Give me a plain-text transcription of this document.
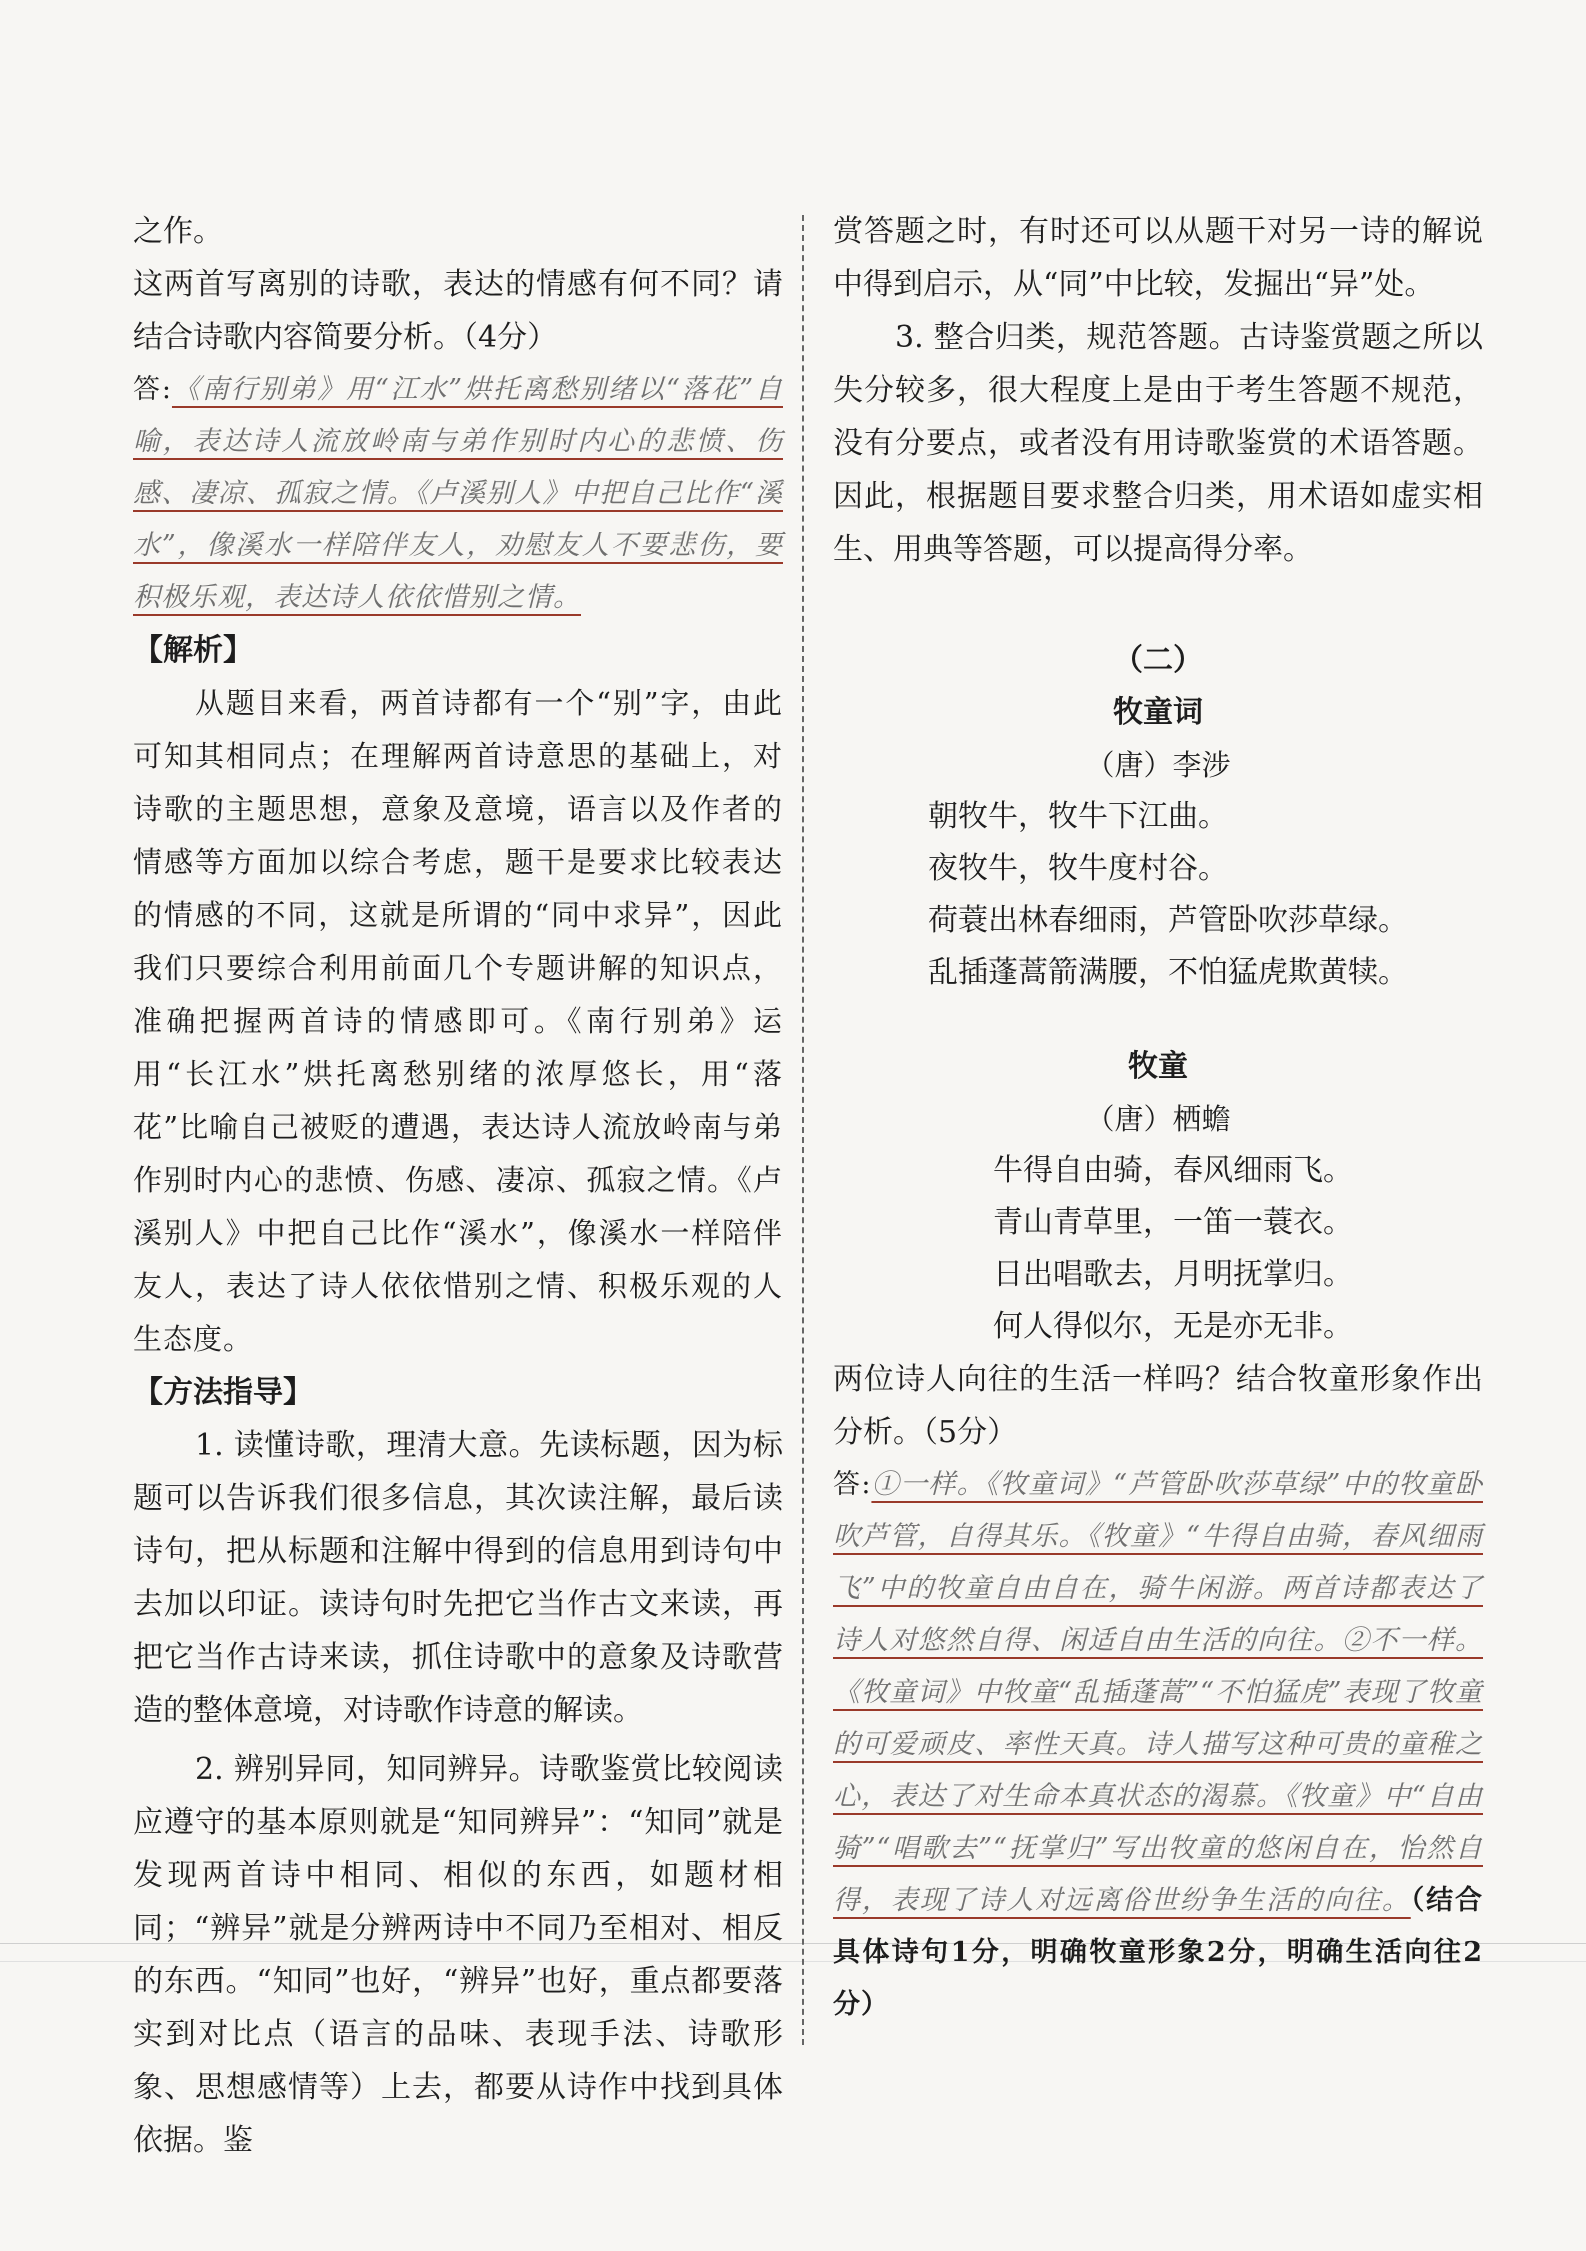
之作。

这两首写离别的诗歌，表达的情感有何不同？请结合诗歌内容简要分析。（4分）

答:《南行别弟》用“江水”烘托离愁别绪以“落花”自喻，表达诗人流放岭南与弟作别时内心的悲愤、伤感、凄凉、孤寂之情。《卢溪别人》中把自己比作“溪水”，像溪水一样陪伴友人，劝慰友人不要悲伤，要积极乐观，表达诗人依依惜别之情。

【解析】

从题目来看，两首诗都有一个“别”字，由此可知其相同点；在理解两首诗意思的基础上，对诗歌的主题思想，意象及意境，语言以及作者的情感等方面加以综合考虑，题干是要求比较表达的情感的不同，这就是所谓的“同中求异”，因此我们只要综合利用前面几个专题讲解的知识点，准确把握两首诗的情感即可。《南行别弟》运用“长江水”烘托离愁别绪的浓厚悠长，用“落花”比喻自己被贬的遭遇，表达诗人流放岭南与弟作别时内心的悲愤、伤感、凄凉、孤寂之情。《卢溪别人》中把自己比作“溪水”，像溪水一样陪伴友人，表达了诗人依依惜别之情、积极乐观的人生态度。

【方法指导】

1. 读懂诗歌，理清大意。先读标题，因为标题可以告诉我们很多信息，其次读注解，最后读诗句，把从标题和注解中得到的信息用到诗句中去加以印证。读诗句时先把它当作古文来读，再把它当作古诗来读，抓住诗歌中的意象及诗歌营造的整体意境，对诗歌作诗意的解读。

2. 辨别异同，知同辨异。诗歌鉴赏比较阅读应遵守的基本原则就是“知同辨异”：“知同”就是发现两首诗中相同、相似的东西，如题材相同；“辨异”就是分辨两诗中不同乃至相对、相反的东西。“知同”也好，“辨异”也好，重点都要落实到对比点（语言的品味、表现手法、诗歌形象、思想感情等）上去，都要从诗作中找到具体依据。鉴

赏答题之时，有时还可以从题干对另一诗的解说中得到启示，从“同”中比较，发掘出“异”处。

3. 整合归类，规范答题。古诗鉴赏题之所以失分较多，很大程度上是由于考生答题不规范，没有分要点，或者没有用诗歌鉴赏的术语答题。因此，根据题目要求整合归类，用术语如虚实相生、用典等答题，可以提高得分率。

（二）

牧童词

（唐）李涉

朝牧牛，牧牛下江曲。

夜牧牛，牧牛度村谷。

荷蓑出林春细雨，芦管卧吹莎草绿。

乱插蓬蒿箭满腰，不怕猛虎欺黄犊。

牧童

（唐）栖蟾

牛得自由骑，春风细雨飞。

青山青草里，一笛一蓑衣。

日出唱歌去，月明抚掌归。

何人得似尔，无是亦无非。

两位诗人向往的生活一样吗？结合牧童形象作出分析。（5分）

答:①一样。《牧童词》“芦管卧吹莎草绿”中的牧童卧吹芦管，自得其乐。《牧童》“牛得自由骑，春风细雨飞”中的牧童自由自在，骑牛闲游。两首诗都表达了诗人对悠然自得、闲适自由生活的向往。②不一样。《牧童词》中牧童“乱插蓬蒿”“不怕猛虎”表现了牧童的可爱顽皮、率性天真。诗人描写这种可贵的童稚之心，表达了对生命本真状态的渴慕。《牧童》中“自由骑”“唱歌去”“抚掌归”写出牧童的悠闲自在，怡然自得，表现了诗人对远离俗世纷争生活的向往。（结合具体诗句1分，明确牧童形象2分，明确生活向往2分）
